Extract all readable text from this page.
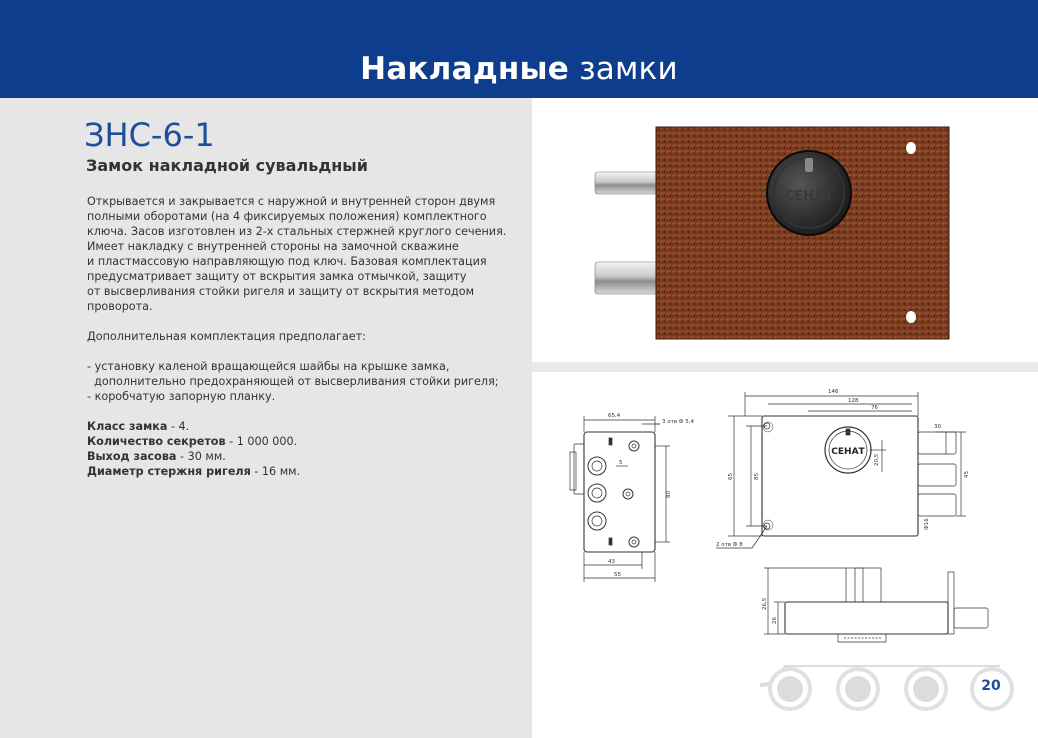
Накладные замки
ЗНС-6-1
Замок накладной сувальдный

Открывается и закрывается с наружной и внутренней сторон двумя

полными оборотами (на 4 фиксируемых положения) комплектного

ключа. Засов изготовлен из 2-х стальных стержней круглого сечения.

Имеет накладку с внутренней стороны на замочной скважине

и пластмассовую направляющую под ключ. Базовая комплектация

предусматривает защиту от вскрытия замка отмычкой, защиту

от высверливания стойки ригеля и защиту от вскрытия методом

проворота.

Дополнительная комплектация предполагает:

- установку каленой вращающейся шайбы на крышке замка,

дополнительно предохраняющей от высверливания стойки ригеля;

- коробчатую запорную планку.

Класс замка - 4.

Количество секретов - 1 000 000.

Выход засова - 30 мм.

Диаметр стержня ригеля - 16 мм.

СЕНАТ
65,4
3 отв Ф 5,4
80
43
55
5
СЕНАТ
146
128
76
65	85
20,5
30
45
Ф16
2 отв Ф 8
26,5
26
20
